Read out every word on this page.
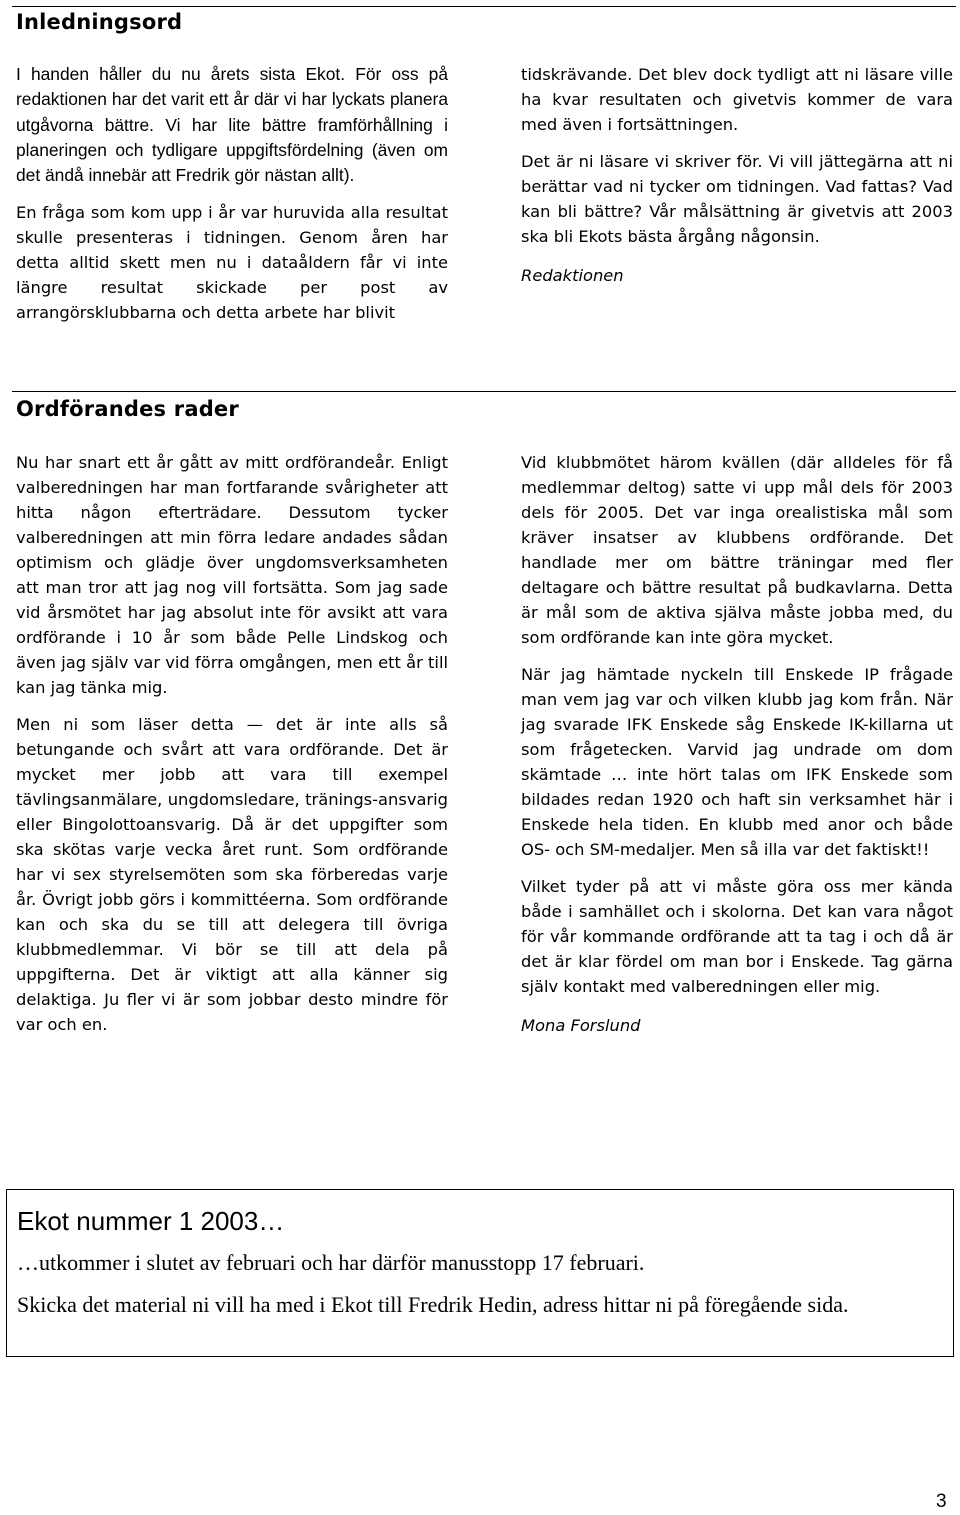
Inledningsord

I handen håller du nu årets sista Ekot. För oss på redaktionen har det varit ett år där vi har lyckats planera utgåvorna bättre. Vi har lite bättre framförhållning i planeringen och tydligare uppgiftsfördelning (även om det ändå innebär att Fredrik gör nästan allt).

En fråga som kom upp i år var huruvida alla resultat skulle presenteras i tidningen. Genom åren har detta alltid skett men nu i dataåldern får vi inte längre resultat skickade per post av arrangörsklubbarna och detta arbete har blivit

tidskrävande. Det blev dock tydligt att ni läsare ville ha kvar resultaten och givetvis kommer de vara med även i fortsättningen.

Det är ni läsare vi skriver för. Vi vill jättegärna att ni berättar vad ni tycker om tidningen. Vad fattas? Vad kan bli bättre? Vår målsättning är givetvis att 2003 ska bli Ekots bästa årgång någonsin.

Redaktionen

Ordförandes rader

Nu har snart ett år gått av mitt ordförandeår. Enligt valberedningen har man fortfarande svårigheter att hitta någon efterträdare. Dessutom tycker valberedningen att min förra ledare andades sådan optimism och glädje över ungdomsverksamheten att man tror att jag nog vill fortsätta. Som jag sade vid årsmötet har jag absolut inte för avsikt att vara ordförande i 10 år som både Pelle Lindskog och även jag själv var vid förra omgången, men ett år till kan jag tänka mig.

Men ni som läser detta — det är inte alls så betungande och svårt att vara ordförande. Det är mycket mer jobb att vara till exempel tävlingsanmälare, ungdomsledare, tränings-ansvarig eller Bingolottoansvarig. Då är det uppgifter som ska skötas varje vecka året runt. Som ordförande har vi sex styrelsemöten som ska förberedas varje år. Övrigt jobb görs i kommittéerna. Som ordförande kan och ska du se till att delegera till övriga klubbmedlemmar. Vi bör se till att dela på uppgifterna. Det är viktigt att alla känner sig delaktiga. Ju fler vi är som jobbar desto mindre för var och en.

Vid klubbmötet härom kvällen (där alldeles för få medlemmar deltog) satte vi upp mål dels för 2003 dels för 2005. Det var inga orealistiska mål som kräver insatser av klubbens ordförande. Det handlade mer om bättre träningar med fler deltagare och bättre resultat på budkavlarna. Detta är mål som de aktiva själva måste jobba med, du som ordförande kan inte göra mycket.

När jag hämtade nyckeln till Enskede IP frågade man vem jag var och vilken klubb jag kom från. När jag svarade IFK Enskede såg Enskede IK-killarna ut som frågetecken. Varvid jag undrade om dom skämtade … inte hört talas om IFK Enskede som bildades redan 1920 och haft sin verksamhet här i Enskede hela tiden. En klubb med anor och både OS- och SM-medaljer. Men så illa var det faktiskt!!

Vilket tyder på att vi måste göra oss mer kända både i samhället och i skolorna. Det kan vara något för vår kommande ordförande att ta tag i och då är det är klar fördel om man bor i Enskede. Tag gärna själv kontakt med valberedningen eller mig.

Mona Forslund

Ekot nummer 1 2003…

…utkommer i slutet av februari och har därför manusstopp 17 februari.

Skicka det material ni vill ha med i Ekot till Fredrik Hedin, adress hittar ni på föregående sida.

3
